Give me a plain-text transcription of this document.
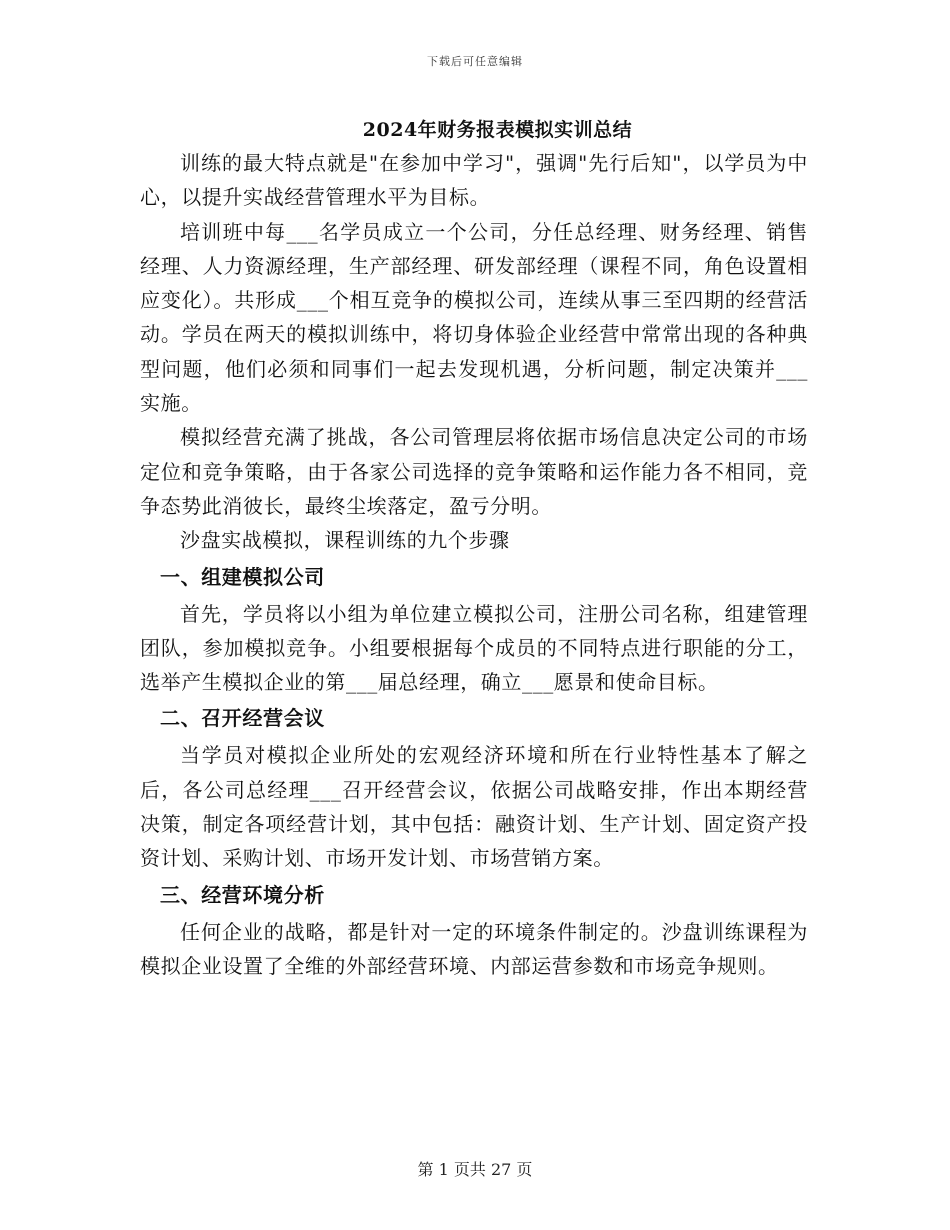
下载后可任意编辑
2024年财务报表模拟实训总结

训练的最大特点就是"在参加中学习"，强调"先行后知"，以学员为中心，以提升实战经营管理水平为目标。

培训班中每___名学员成立一个公司，分任总经理、财务经理、销售经理、人力资源经理，生产部经理、研发部经理（课程不同，角色设置相应变化）。共形成___个相互竞争的模拟公司，连续从事三至四期的经营活动。学员在两天的模拟训练中，将切身体验企业经营中常常出现的各种典型问题，他们必须和同事们一起去发现机遇，分析问题，制定决策并___实施。

模拟经营充满了挑战，各公司管理层将依据市场信息决定公司的市场定位和竞争策略，由于各家公司选择的竞争策略和运作能力各不相同，竞争态势此消彼长，最终尘埃落定，盈亏分明。

沙盘实战模拟，课程训练的九个步骤

一、组建模拟公司

首先，学员将以小组为单位建立模拟公司，注册公司名称，组建管理团队，参加模拟竞争。小组要根据每个成员的不同特点进行职能的分工，选举产生模拟企业的第___届总经理，确立___愿景和使命目标。

二、召开经营会议

当学员对模拟企业所处的宏观经济环境和所在行业特性基本了解之后，各公司总经理___召开经营会议，依据公司战略安排，作出本期经营决策，制定各项经营计划，其中包括：融资计划、生产计划、固定资产投资计划、采购计划、市场开发计划、市场营销方案。

三、经营环境分析

任何企业的战略，都是针对一定的环境条件制定的。沙盘训练课程为模拟企业设置了全维的外部经营环境、内部运营参数和市场竞争规则。

第 1 页共 27 页
